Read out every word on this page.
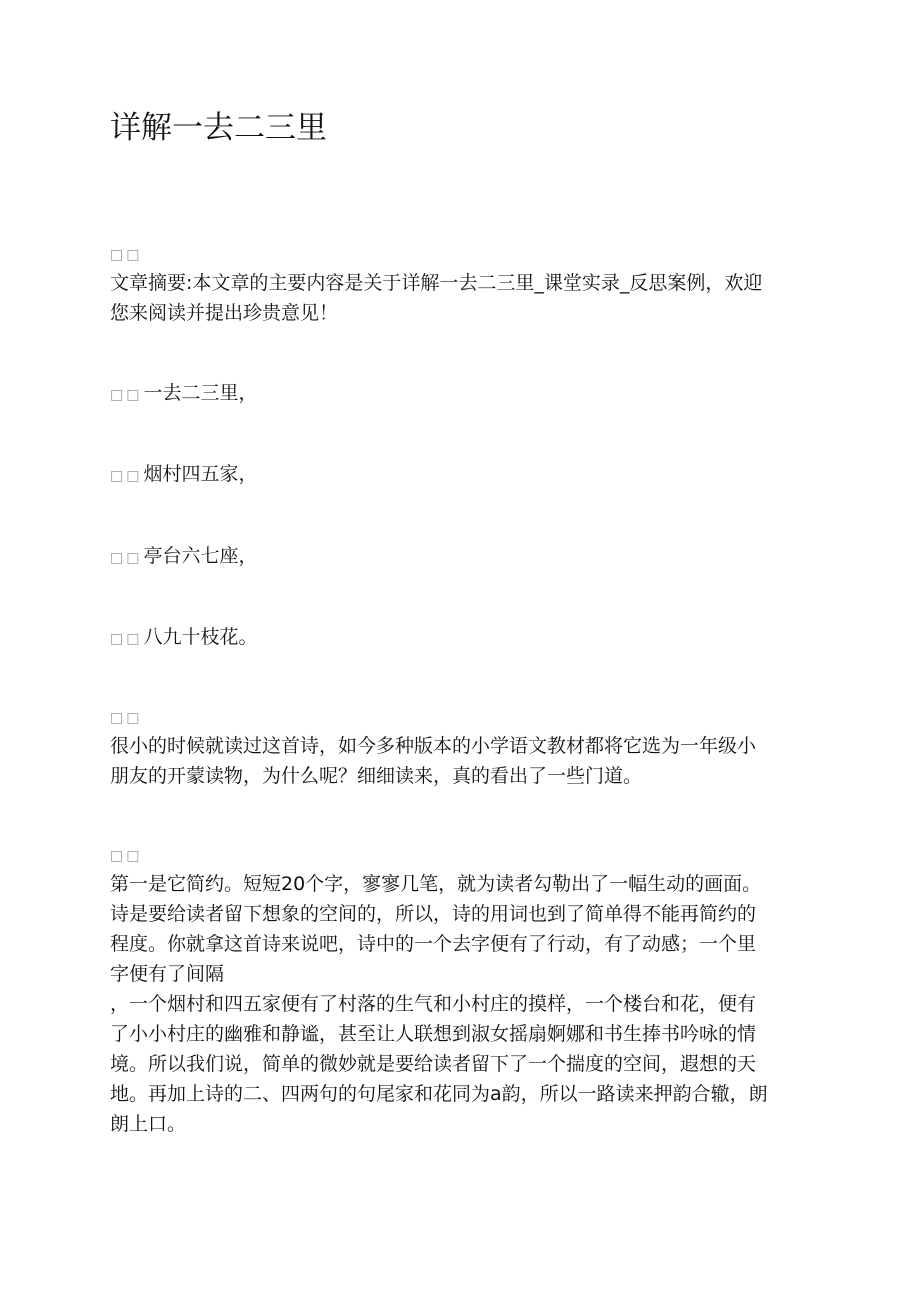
详解一去二三里
□□
文章摘要:本文章的主要内容是关于详解一去二三里_课堂实录_反思案例，欢迎
您来阅读并提出珍贵意见！
□□一去二三里，
□□烟村四五家，
□□亭台六七座，
□□八九十枝花。
□□
很小的时候就读过这首诗，如今多种版本的小学语文教材都将它选为一年级小
朋友的开蒙读物，为什么呢？细细读来，真的看出了一些门道。
□□
第一是它简约。短短20个字，寥寥几笔，就为读者勾勒出了一幅生动的画面。
诗是要给读者留下想象的空间的，所以，诗的用词也到了简单得不能再简约的
程度。你就拿这首诗来说吧，诗中的一个去字便有了行动，有了动感；一个里
字便有了间隔
，一个烟村和四五家便有了村落的生气和小村庄的摸样，一个楼台和花，便有
了小小村庄的幽雅和静谧，甚至让人联想到淑女摇扇婀娜和书生捧书吟咏的情
境。所以我们说，简单的微妙就是要给读者留下了一个揣度的空间，遐想的天
地。再加上诗的二、四两句的句尾家和花同为a韵，所以一路读来押韵合辙，朗
朗上口。
